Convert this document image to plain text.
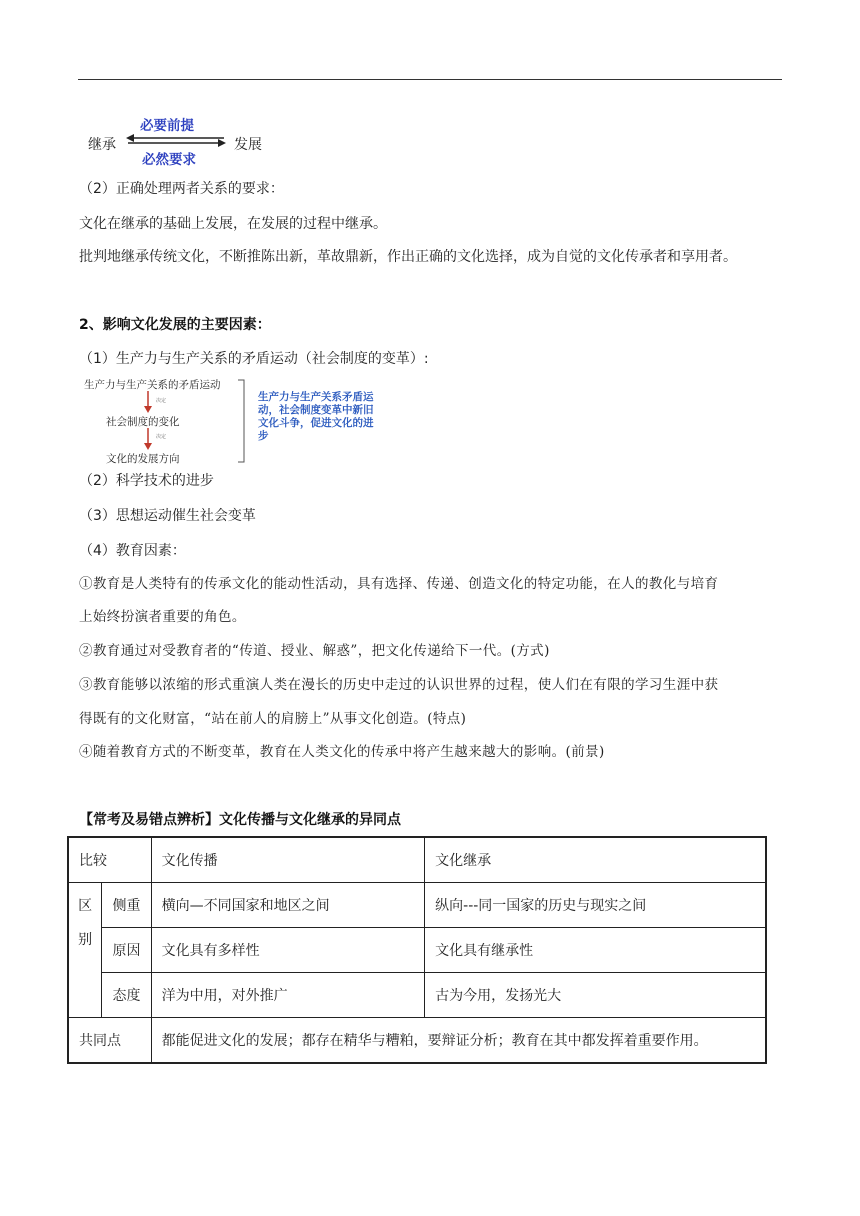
继承
必要前提
必然要求
发展
（2）正确处理两者关系的要求：
文化在继承的基础上发展，在发展的过程中继承。
批判地继承传统文化，不断推陈出新，革故鼎新，作出正确的文化选择，成为自觉的文化传承者和享用者。
2、影响文化发展的主要因素：
（1）生产力与生产关系的矛盾运动（社会制度的变革）:
生产力与生产关系的矛盾运动
决定
社会制度的变化
决定
文化的发展方向
生产力与生产关系矛盾运动，社会制度变革中新旧文化斗争，促进文化的进步
（2）科学技术的进步
（3）思想运动催生社会变革
（4）教育因素：
①教育是人类特有的传承文化的能动性活动，具有选择、传递、创造文化的特定功能，在人的教化与培育
上始终扮演者重要的角色。
②教育通过对受教育者的“传道、授业、解惑”，把文化传递给下一代。(方式)
③教育能够以浓缩的形式重演人类在漫长的历史中走过的认识世界的过程，使人们在有限的学习生涯中获
得既有的文化财富，“站在前人的肩膀上”从事文化创造。(特点)
④随着教育方式的不断变革，教育在人类文化的传承中将产生越来越大的影响。(前景)
【常考及易错点辨析】文化传播与文化继承的异同点
比较		文化传播	文化继承
区别	侧重	横向—不同国家和地区之间	纵向---同一国家的历史与现实之间
	原因	文化具有多样性	文化具有继承性
	态度	洋为中用，对外推广	古为今用，发扬光大
共同点		都能促进文化的发展；都存在精华与糟粕，要辩证分析；教育在其中都发挥着重要作用。	
